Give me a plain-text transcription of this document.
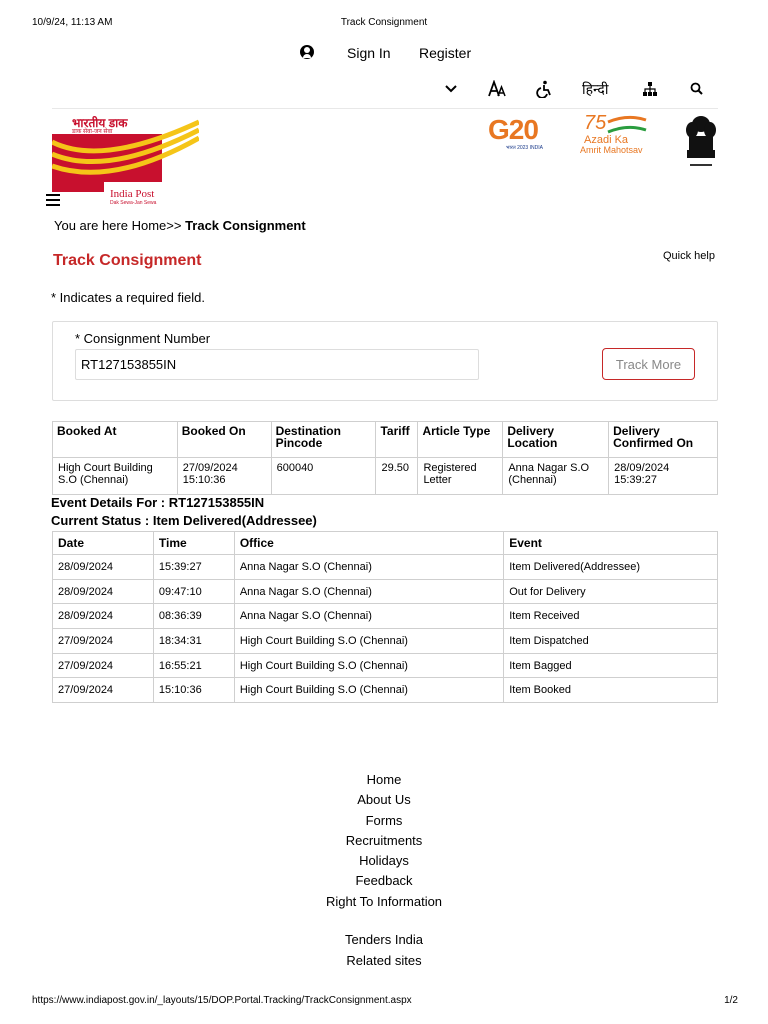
10/9/24, 11:13 AM	Track Consignment
Sign In Register
हिन्दी
भारतीय डाक
डाक सेवा-जन सेवा
India Post
Dak Sewa-Jan Sewa
G20
भारत 2023 INDIA
75
Azadi Ka
Amrit Mahotsav
You are here Home>> Track Consignment
Track Consignment	Quick help
* Indicates a required field.
* Consignment Number
RT127153855IN
Track More
Booked At	Booked On	Destination Pincode	Tariff	Article Type	Delivery Location	Delivery Confirmed On
High Court Building S.O (Chennai)	27/09/2024 15:10:36	600040	29.50	Registered Letter	Anna Nagar S.O (Chennai)	28/09/2024 15:39:27
Event Details For : RT127153855IN
Current Status : Item Delivered(Addressee)
Date	Time	Office	Event
28/09/2024	15:39:27	Anna Nagar S.O (Chennai)	Item Delivered(Addressee)
28/09/2024	09:47:10	Anna Nagar S.O (Chennai)	Out for Delivery
28/09/2024	08:36:39	Anna Nagar S.O (Chennai)	Item Received
27/09/2024	18:34:31	High Court Building S.O (Chennai)	Item Dispatched
27/09/2024	16:55:21	High Court Building S.O (Chennai)	Item Bagged
27/09/2024	15:10:36	High Court Building S.O (Chennai)	Item Booked
Home
About Us
Forms
Recruitments
Holidays
Feedback
Right To Information
Tenders India
Related sites
https://www.indiapost.gov.in/_layouts/15/DOP.Portal.Tracking/TrackConsignment.aspx	1/2
